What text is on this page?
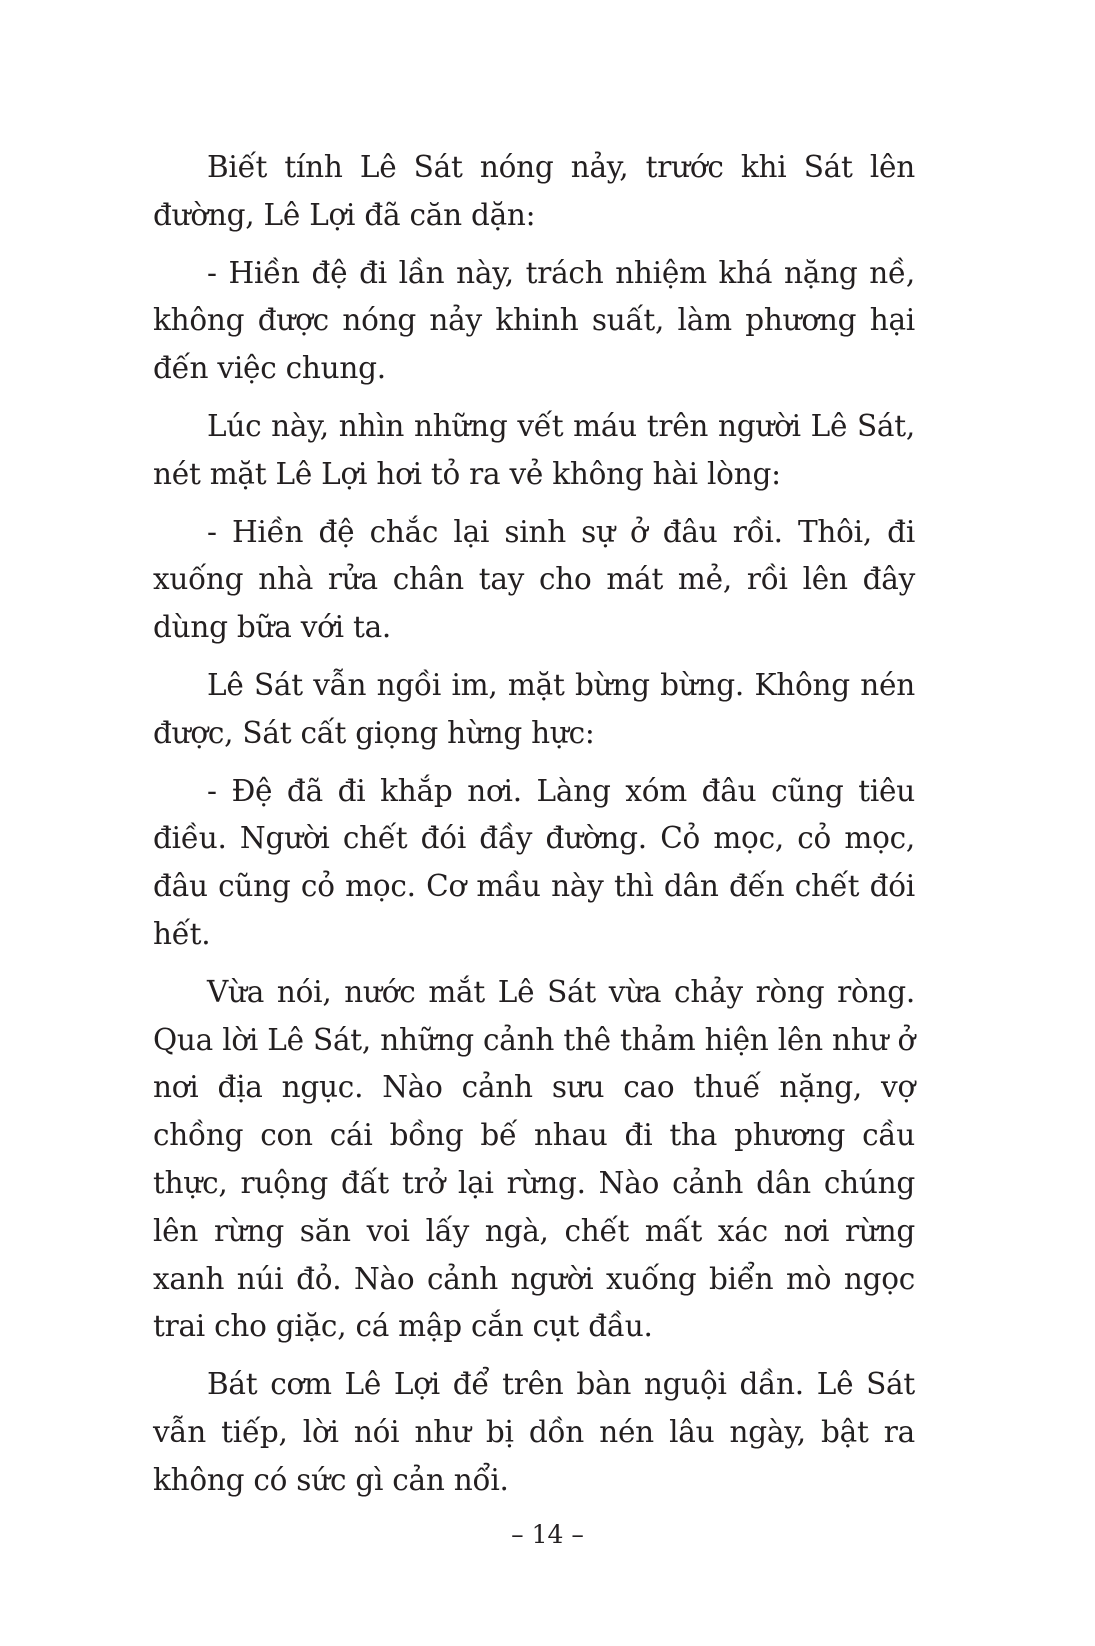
Biết tính Lê Sát nóng nảy, trước khi Sát lên đường, Lê Lợi đã căn dặn:

- Hiền đệ đi lần này, trách nhiệm khá nặng nề, không được nóng nảy khinh suất, làm phương hại đến việc chung.

Lúc này, nhìn những vết máu trên người Lê Sát, nét mặt Lê Lợi hơi tỏ ra vẻ không hài lòng:

- Hiền đệ chắc lại sinh sự ở đâu rồi. Thôi, đi xuống nhà rửa chân tay cho mát mẻ, rồi lên đây dùng bữa với ta.

Lê Sát vẫn ngồi im, mặt bừng bừng. Không nén được, Sát cất giọng hừng hực:

- Đệ đã đi khắp nơi. Làng xóm đâu cũng tiêu điều. Người chết đói đầy đường. Cỏ mọc, cỏ mọc, đâu cũng cỏ mọc. Cơ mầu này thì dân đến chết đói hết.

Vừa nói, nước mắt Lê Sát vừa chảy ròng ròng. Qua lời Lê Sát, những cảnh thê thảm hiện lên như ở nơi địa ngục. Nào cảnh sưu cao thuế nặng, vợ chồng con cái bồng bế nhau đi tha phương cầu thực, ruộng đất trở lại rừng. Nào cảnh dân chúng lên rừng săn voi lấy ngà, chết mất xác nơi rừng xanh núi đỏ. Nào cảnh người xuống biển mò ngọc trai cho giặc, cá mập cắn cụt đầu.

Bát cơm Lê Lợi để trên bàn nguội dần. Lê Sát vẫn tiếp, lời nói như bị dồn nén lâu ngày, bật ra không có sức gì cản nổi.

– 14 –
